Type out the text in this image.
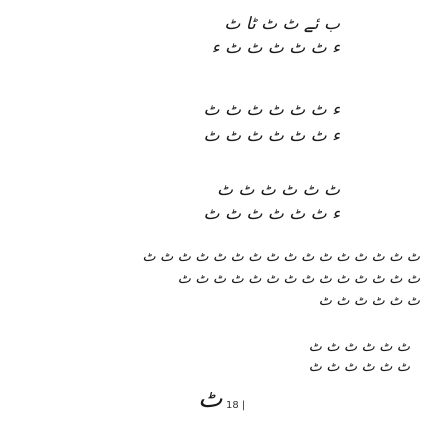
ب ئے ٹ ٹ ٹا ٹ
ء ٹ ٹ ٹ ٹ ٹ ء
ء ٹ ٹ ٹ ٹ ٹ ٹ
ء ٹ ٹ ٹ ٹ ٹ ٹ
ٹ ٹ ٹ ٹ ٹ ٹ
ء ٹ ٹ ٹ ٹ ٹ ٹ
ٹ ٹ ٹ ٹ ٹ ٹ ٹ ٹ ٹ ٹ ٹ ٹ ٹ ٹ ٹ ٹ
ٹ ٹ ٹ ٹ ٹ ٹ ٹ ٹ ٹ ٹ ٹ ٹ ٹ ٹ
ٹ ٹ ٹ ٹ ٹ ٹ
ٹ ٹ ٹ ٹ ٹ ٹ
ٹ ٹ ٹ ٹ ٹ ٹ
ٹ	| 18
